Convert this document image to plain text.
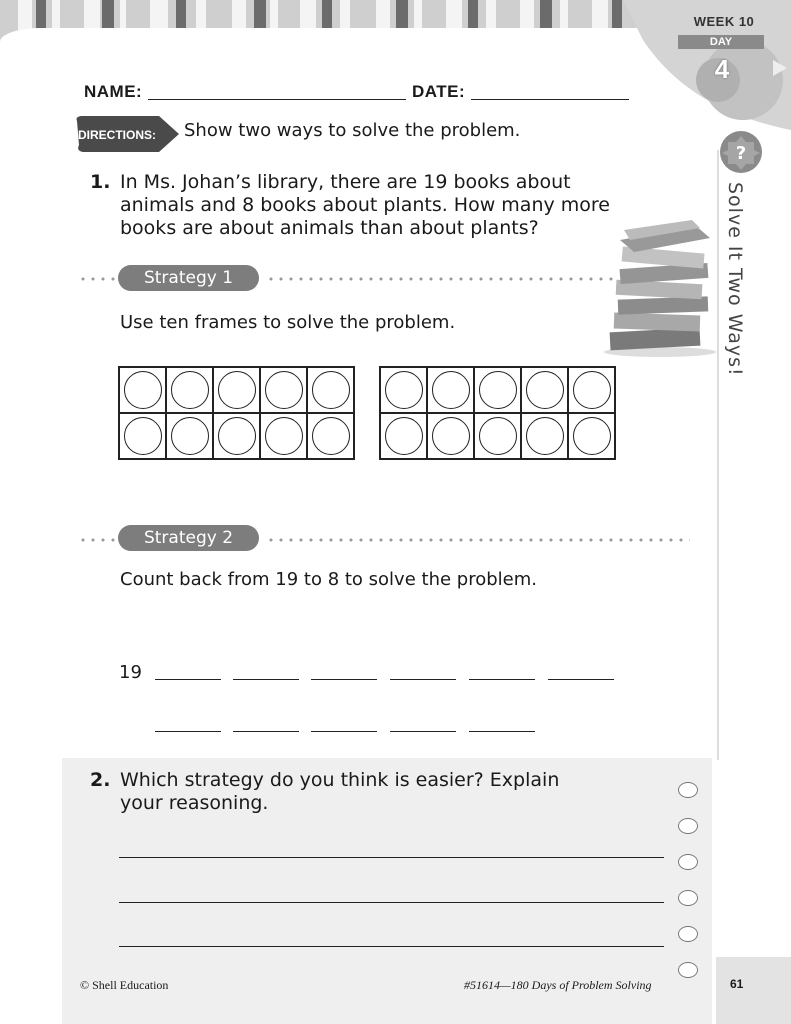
WEEK 10
DAY
4
?
Solve It Two Ways!
NAME:	DATE:
DIRECTIONS: Show two ways to solve the problem.
1. In Ms. Johan’s library, there are 19 books about
animals and 8 books about plants. How many more
books are about animals than about plants?
Strategy 1
Use ten frames to solve the problem.
Strategy 2
Count back from 19 to 8 to solve the problem.
19
2. Which strategy do you think is easier? Explain
your reasoning.
© Shell Education	#51614—180 Days of Problem Solving	61
